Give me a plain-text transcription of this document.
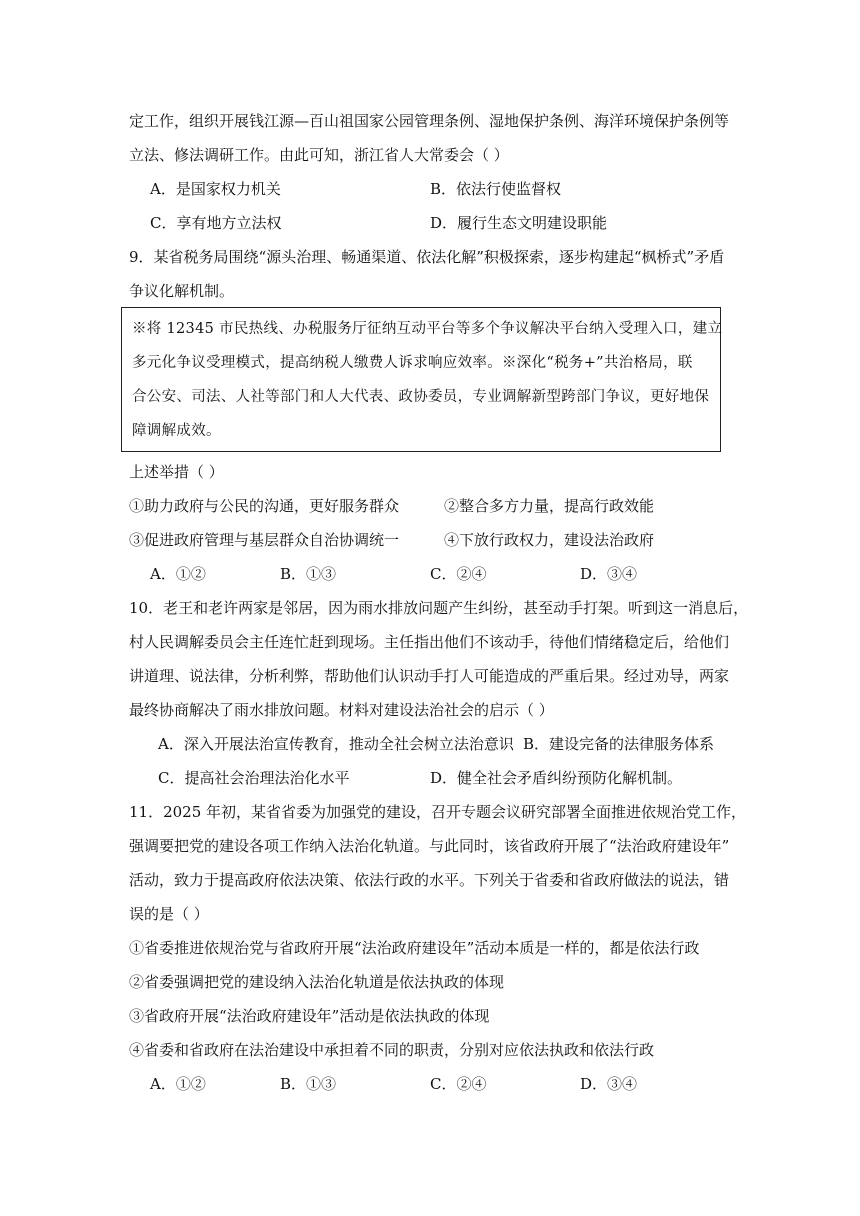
定工作，组织开展钱江源—百山祖国家公园管理条例、湿地保护条例、海洋环境保护条例等
立法、修法调研工作。由此可知，浙江省人大常委会（ ）
A．是国家权力机关	B．依法行使监督权
C．享有地方立法权	D．履行生态文明建设职能
9．某省税务局围绕“源头治理、畅通渠道、依法化解”积极探索，逐步构建起“枫桥式”矛盾
争议化解机制。
※将 12345 市民热线、办税服务厅征纳互动平台等多个争议解决平台纳入受理入口，建立
多元化争议受理模式，提高纳税人缴费人诉求响应效率。※深化“税务+”共治格局，联
合公安、司法、人社等部门和人大代表、政协委员，专业调解新型跨部门争议，更好地保
障调解成效。
上述举措（ ）
①助力政府与公民的沟通，更好服务群众	②整合多方力量，提高行政效能
③促进政府管理与基层群众自治协调统一	④下放行政权力，建设法治政府
A．①②	B．①③	C．②④	D．③④
10．老王和老许两家是邻居，因为雨水排放问题产生纠纷，甚至动手打架。听到这一消息后，
村人民调解委员会主任连忙赶到现场。主任指出他们不该动手，待他们情绪稳定后，给他们
讲道理、说法律，分析利弊，帮助他们认识动手打人可能造成的严重后果。经过劝导，两家
最终协商解决了雨水排放问题。材料对建设法治社会的启示（ ）
A．深入开展法治宣传教育，推动全社会树立法治意识 B．建设完备的法律服务体系
C．提高社会治理法治化水平	D．健全社会矛盾纠纷预防化解机制。
11．2025 年初，某省省委为加强党的建设，召开专题会议研究部署全面推进依规治党工作，
强调要把党的建设各项工作纳入法治化轨道。与此同时，该省政府开展了“法治政府建设年”
活动，致力于提高政府依法决策、依法行政的水平。下列关于省委和省政府做法的说法，错
误的是（ ）
①省委推进依规治党与省政府开展“法治政府建设年”活动本质是一样的，都是依法行政
②省委强调把党的建设纳入法治化轨道是依法执政的体现
③省政府开展“法治政府建设年”活动是依法执政的体现
④省委和省政府在法治建设中承担着不同的职责，分别对应依法执政和依法行政
A．①②	B．①③	C．②④	D．③④
